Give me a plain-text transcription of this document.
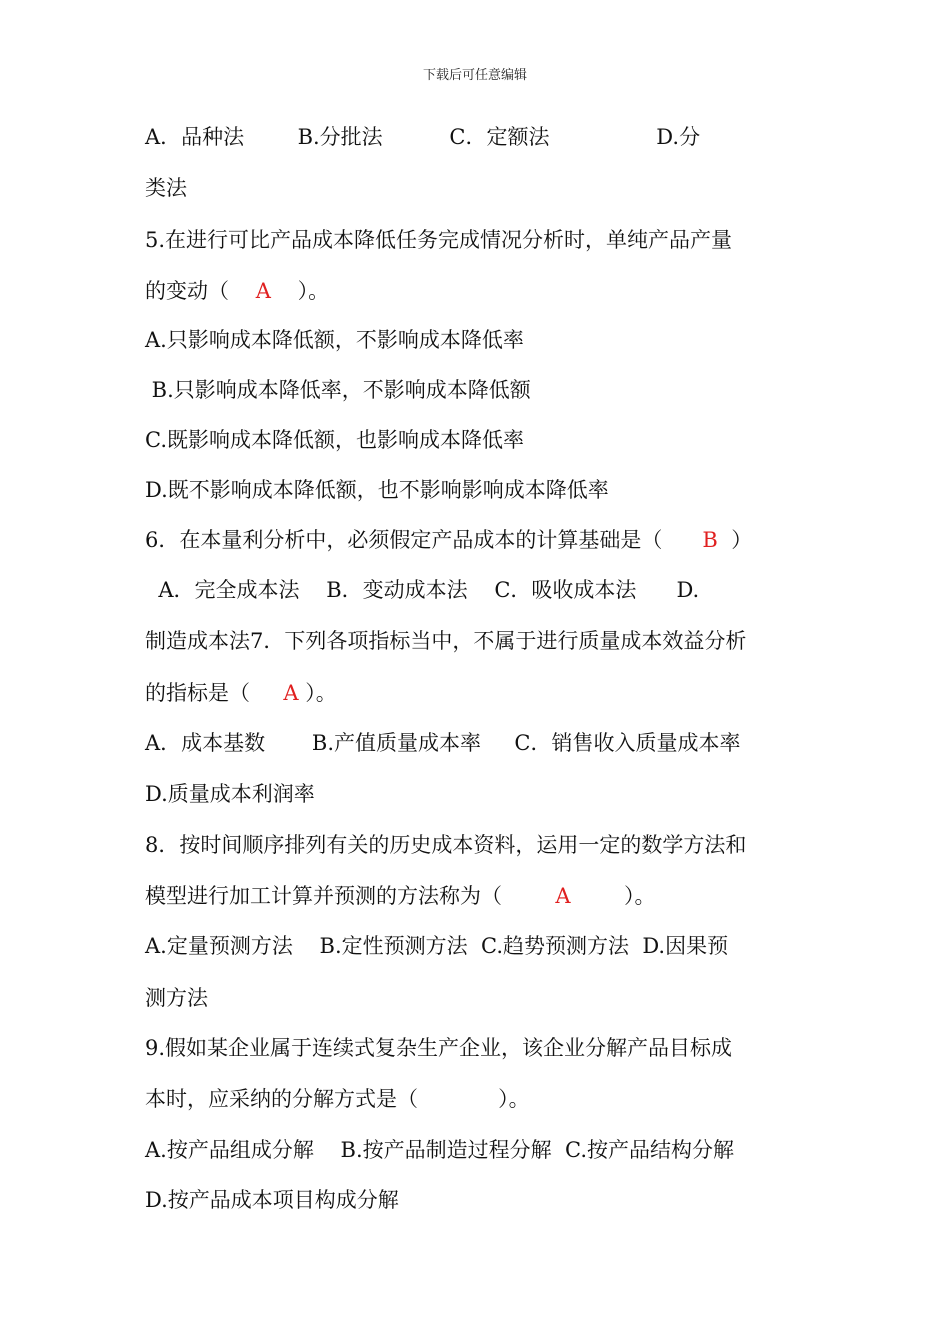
下载后可任意编辑
A．品种法        B.分批法          C．定额法                D.分
类法
5.在进行可比产品成本降低任务完成情况分析时，单纯产品产量
的变动（    A    ）。
A.只影响成本降低额，不影响成本降低率
B.只影响成本降低率，不影响成本降低额
C.既影响成本降低额，也影响成本降低率
D.既不影响成本降低额，也不影响影响成本降低率
6．在本量利分析中，必须假定产品成本的计算基础是（      B  ）
A．完全成本法    B．变动成本法    C．吸收成本法      D.
制造成本法7．下列各项指标当中，不属于进行质量成本效益分析
的指标是（     A ）。
A．成本基数       B.产值质量成本率     C．销售收入质量成本率
D.质量成本利润率
8．按时间顺序排列有关的历史成本资料，运用一定的数学方法和
模型进行加工计算并预测的方法称为（        A        ）。
A.定量预测方法    B.定性预测方法  C.趋势预测方法  D.因果预
测方法
9.假如某企业属于连续式复杂生产企业，该企业分解产品目标成
本时，应采纳的分解方式是（            ）。
A.按产品组成分解    B.按产品制造过程分解  C.按产品结构分解
D.按产品成本项目构成分解
